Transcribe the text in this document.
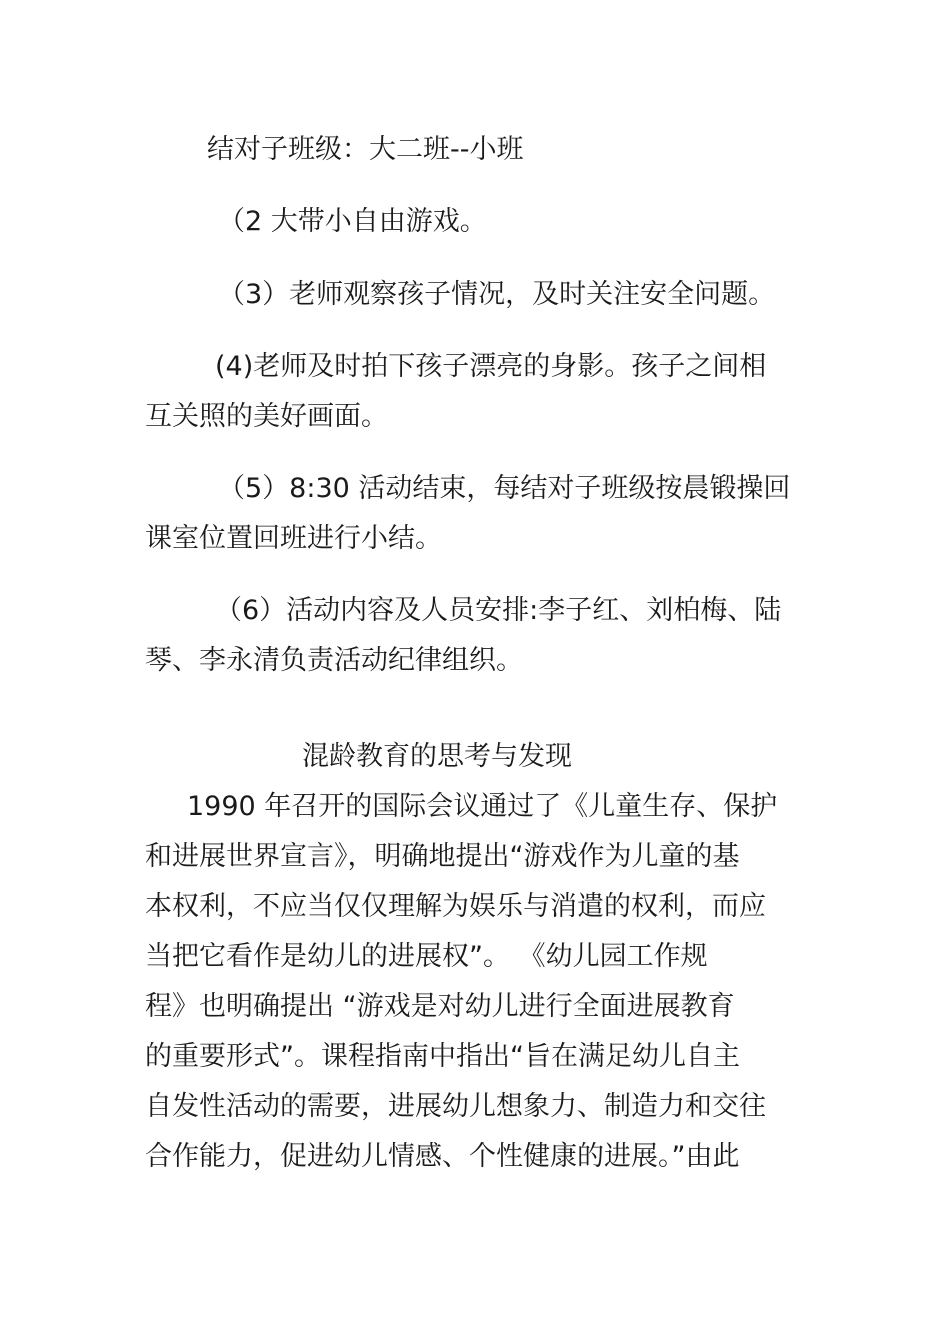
结对子班级：大二班--小班
（2 大带小自由游戏。
（3）老师观察孩子情况，及时关注安全问题。
(4)老师及时拍下孩子漂亮的身影。孩子之间相
互关照的美好画面。
（5）8:30 活动结束，每结对子班级按晨锻操回
课室位置回班进行小结。
（6）活动内容及人员安排:李子红、刘柏梅、陆
琴、李永清负责活动纪律组织。
混龄教育的思考与发现
1990 年召开的国际会议通过了《儿童生存、保护
和进展世界宣言》，明确地提出“游戏作为儿童的基
本权利，不应当仅仅理解为娱乐与消遣的权利，而应
当把它看作是幼儿的进展权”。 《幼儿园工作规
程》也明确提出 “游戏是对幼儿进行全面进展教育
的重要形式”。课程指南中指出“旨在满足幼儿自主
自发性活动的需要，进展幼儿想象力、制造力和交往
合作能力，促进幼儿情感、个性健康的进展。”由此
